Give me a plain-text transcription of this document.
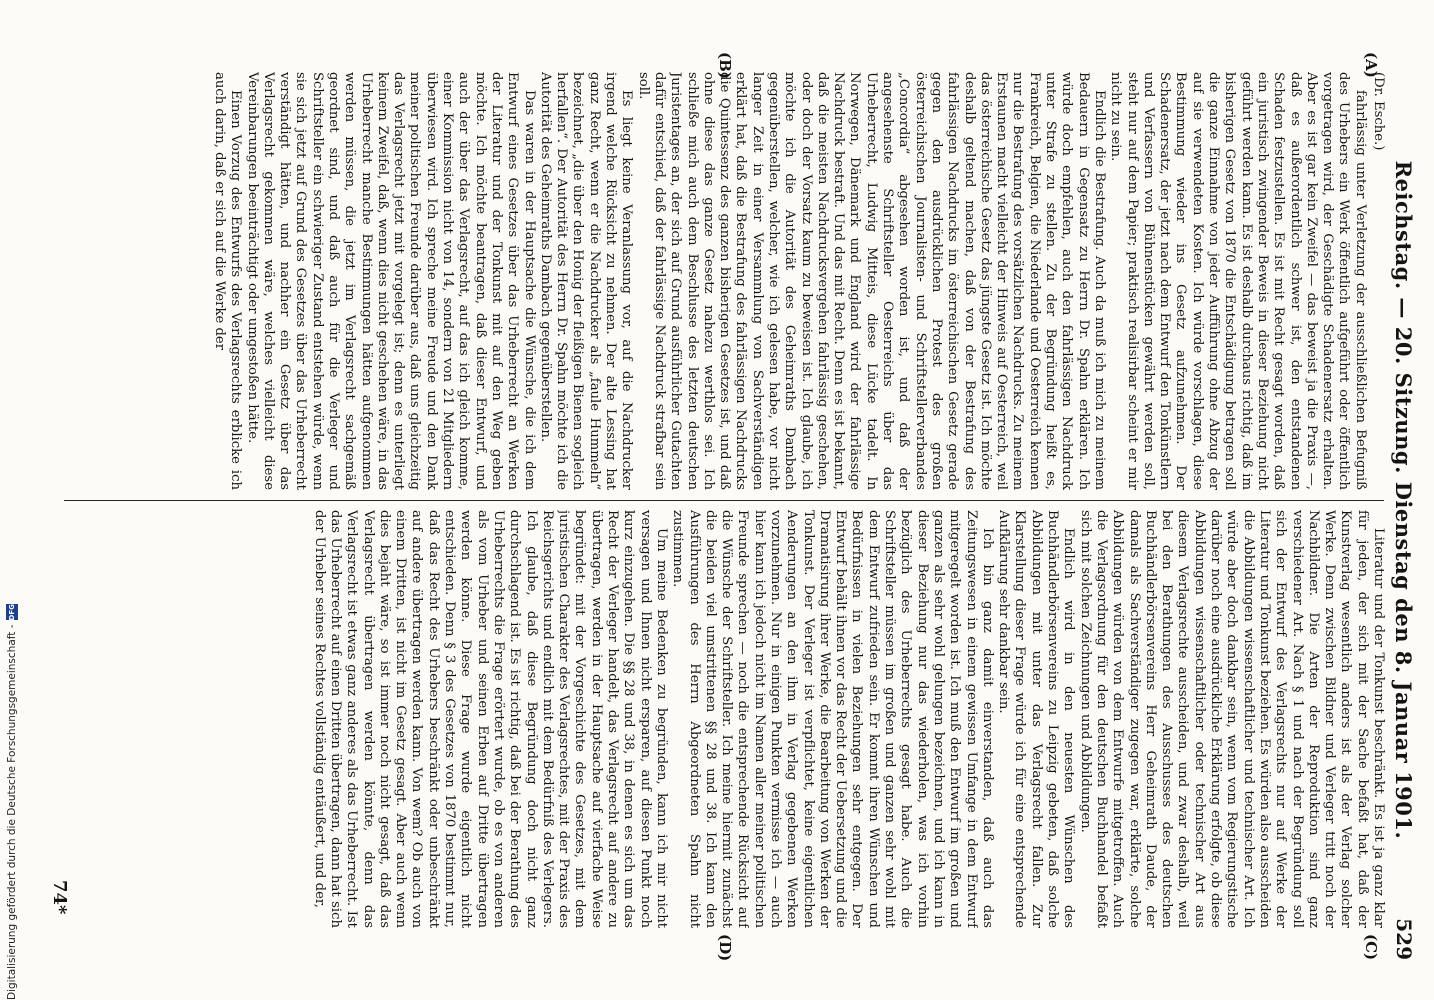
Reichstag. — 20. Sitzung. Dienstag den 8. Januar 1901.
529
(A)
(B)
(C)
(D)

(Dr. Esche.)

fahrlässig unter Verletzung der ausschließlichen Befugniß des Urhebers ein Werk öffentlich aufgeführt oder öffentlich vorgetragen wird, der Geschädigte Schadenersatz erhalten. Aber es ist gar kein Zweifel — das beweist ja die Praxis —, daß es außerordentlich schwer ist, den entstandenen Schaden festzustellen. Es ist mit Recht gesagt worden, daß ein juristisch zwingender Beweis in dieser Beziehung nicht geführt werden kann. Es ist deshalb durchaus richtig, daß im bisherigen Gesetz von 1870 die Entschädigung betragen soll die ganze Einnahme von jeder Aufführung ohne Abzug der auf sie verwendeten Kosten. Ich würde vorschlagen, diese Bestimmung wieder ins Gesetz aufzunehmen. Der Schadenersatz, der jetzt nach dem Entwurf den Tonkünstlern und Verfassern von Bühnenstücken gewährt werden soll, steht nur auf dem Papier; praktisch realisirbar scheint er mir nicht zu sein.

Endlich die Bestrafung. Auch da muß ich mich zu meinem Bedauern in Gegensatz zu Herrn Dr. Spahn erklären. Ich würde doch empfehlen, auch den fahrlässigen Nachdruck unter Strafe zu stellen. Zu der Begründung heißt es, Frankreich, Belgien, die Niederlande und Oesterreich kennen nur die Bestrafung des vorsätzlichen Nachdrucks. Zu meinem Erstaunen macht vielleicht der Hinweis auf Oesterreich, weil das österreichische Gesetz das jüngste Gesetz ist. Ich möchte deshalb geltend machen, daß von der Bestrafung des fahrlässigen Nachdrucks im österreichischen Gesetz gerade gegen den ausdrücklichen Protest des großen österreichischen Journalisten- und Schriftstellerverbandes „Concordia“ abgesehen worden ist, und daß der angesehenste Schriftsteller Oesterreichs über das Urheberrecht, Ludwig Mitteis, diese Lücke tadelt. In Norwegen, Dänemark und England wird der fahrlässige Nachdruck bestraft. Und das mit Recht. Denn es ist bekannt, daß die meisten Nachdrucksvergehen fahrlässig geschehen, oder doch der Vorsatz kaum zu beweisen ist. Ich glaube, ich möchte ich die Autorität des Geheimraths Dambach gegenüberstellen, welcher, wie ich gelesen habe, vor nicht langer Zeit in einer Versammlung von Sachverständigen erklärt hat, daß die Bestrafung des fahrlässigen Nachdrucks die Quintessenz des ganzen bisherigen Gesetzes ist, und daß ohne diese das ganze Gesetz nahezu werthlos sei. Ich schließe mich auch dem Beschlusse des letzten deutschen Juristentages an, der sich auf Grund ausführlicher Gutachten dafür entschied, daß der fahrlässige Nachdruck strafbar sein soll.

Es liegt keine Veranlassung vor, auf die Nachdrucker irgend welche Rücksicht zu nehmen. Der alte Lessing hat ganz Recht, wenn er die Nachdrucker als „faule Hummeln“ bezeichnet, „die über den Honig der fleißigen Bienen sogleich herfallen“. Der Autorität des Herrn Dr. Spahn möchte ich die Autorität des Geheimraths Dambach gegenüberstellen.

Das waren in der Hauptsache die Wünsche, die ich dem Entwurf eines Gesetzes über das Urheberrecht an Werken der Literatur und der Tonkunst mit auf den Weg geben möchte. Ich möchte beantragen, daß dieser Entwurf, und auch der über das Verlagsrecht, auf das ich gleich komme, einer Kommission nicht von 14, sondern von 21 Mitgliedern überwiesen wird. Ich spreche meine Freude und den Dank meiner politischen Freunde darüber aus, daß uns gleichzeitig das Verlagsrecht jetzt mit vorgelegt ist; denn es unterliegt keinem Zweifel, daß, wenn dies nicht geschehen wäre, in das Urheberrecht manche Bestimmungen hätten aufgenommen werden müssen, die jetzt im Verlagsrecht sachgemäß geordnet sind, und daß auch für die Verleger und Schriftsteller ein schwieriger Zustand entstehen würde, wenn sie sich jetzt auf Grund des Gesetzes über das Urheberrecht verständigt hätten, und nachher ein Gesetz über das Verlagsrecht gekommen wäre, welches vielleicht diese Vereinbarungen beeinträchtigt oder umgestoßen hätte.

Einen Vorzug des Entwurfs des Verlagsrechts erblicke ich auch darin, daß er sich auf die Werke der

Literatur und der Tonkunst beschränkt. Es ist ja ganz klar für jeden, der sich mit der Sache befaßt hat, daß der Kunstverlag wesentlich anders ist als der Verlag solcher Werke. Denn zwischen Bildner und Verleger tritt noch der Nachbildner. Die Arten der Reproduktion sind ganz verschiedener Art. Nach § 1 und nach der Begründung soll sich der Entwurf des Verlagsrechts nur auf Werke der Literatur und Tonkunst beziehen. Es würden also ausscheiden die Abbildungen wissenschaftlicher und technischer Art. Ich würde aber doch dankbar sein, wenn vom Regierungstische darüber noch eine ausdrückliche Erklärung erfolgte, ob diese Abbildungen wissenschaftlicher oder technischer Art aus diesem Verlagsrechte ausscheiden, und zwar deshalb, weil bei den Berathungen des Ausschusses des deutschen Buchhändlerbörsenvereins Herr Geheimrath Daude, der damals als Sachverständiger zugegen war, erklärte, solche Abbildungen würden von dem Entwurfe mitgetroffen. Auch die Verlagsordnung für den deutschen Buchhandel befaßt sich mit solchen Zeichnungen und Abbildungen.

Endlich wird in den neuesten Wünschen des Buchhändlerbörsenvereins zu Leipzig gebeten, daß solche Abbildungen mit unter das Verlagsrecht fallen. Zur Klarstellung dieser Frage würde ich für eine entsprechende Aufklärung sehr dankbar sein.

Ich bin ganz damit einverstanden, daß auch das Zeitungswesen in einem gewissen Umfange in dem Entwurf mitgeregelt worden ist. Ich muß den Entwurf im großen und ganzen als sehr wohl gelungen bezeichnen, und ich kann in dieser Beziehung nur das wiederholen, was ich vorhin bezüglich des Urheberrechts gesagt habe. Auch die Schriftsteller müssen im großen und ganzen sehr wohl mit dem Entwurf zufrieden sein. Er kommt ihren Wünschen und Bedürfnissen in vielen Beziehungen sehr entgegen. Der Entwurf behält ihnen vor das Recht der Uebersetzung und die Dramatisirung ihrer Werke, die Bearbeitung von Werken der Tonkunst. Der Verleger ist verpflichtet, keine eigentlichen Aenderungen an den ihm in Verlag gegebenen Werken vorzunehmen. Nur in einigen Punkten vermisse ich — auch hier kann ich jedoch nicht im Namen aller meiner politischen Freunde sprechen — noch die entsprechende Rücksicht auf die Wünsche der Schriftsteller. Ich meine hiermit zunächst die beiden viel umstrittenen §§ 28 und 38. Ich kann den Ausführungen des Herrn Abgeordneten Spahn nicht zustimmen.

Um meine Bedenken zu begründen, kann ich mir nicht versagen und Ihnen nicht ersparen, auf diesen Punkt noch kurz einzugehen. Die §§ 28 und 38, in denen es sich um das Recht der Verleger handelt, das Verlagsrecht auf andere zu übertragen, werden in der Hauptsache auf vierfache Weise begründet: mit der Vorgeschichte des Gesetzes, mit dem juristischen Charakter des Verlagsrechtes, mit der Praxis des Reichsgerichts und endlich mit dem Bedürfniß des Verlegers. Ich glaube, daß diese Begründung doch nicht ganz durchschlagend ist. Es ist richtig, daß bei der Berathung des Urheberrechts die Frage erörtert wurde, ob es von anderen als vom Urheber und seinen Erben auf Dritte übertragen werden könne. Diese Frage wurde eigentlich nicht entschieden. Denn § 3 des Gesetzes von 1870 bestimmt nur, daß das Recht des Urhebers beschränkt oder unbeschränkt auf andere übertragen werden kann. Von wem? Ob auch von einem Dritten, ist nicht im Gesetz gesagt. Aber auch wenn dies bejaht wäre, so ist immer noch nicht gesagt, daß das Verlagsrecht übertragen werden könnte, denn das Verlagsrecht ist etwas ganz anderes als das Urheberrecht. Ist das Urheberrecht auf einen Dritten übertragen, dann hat sich der Urheber seines Rechtes vollständig entäußert, und der,

74*
Digitalisierung gefördert durch die Deutsche Forschungsgemeinschaft -
DFG
